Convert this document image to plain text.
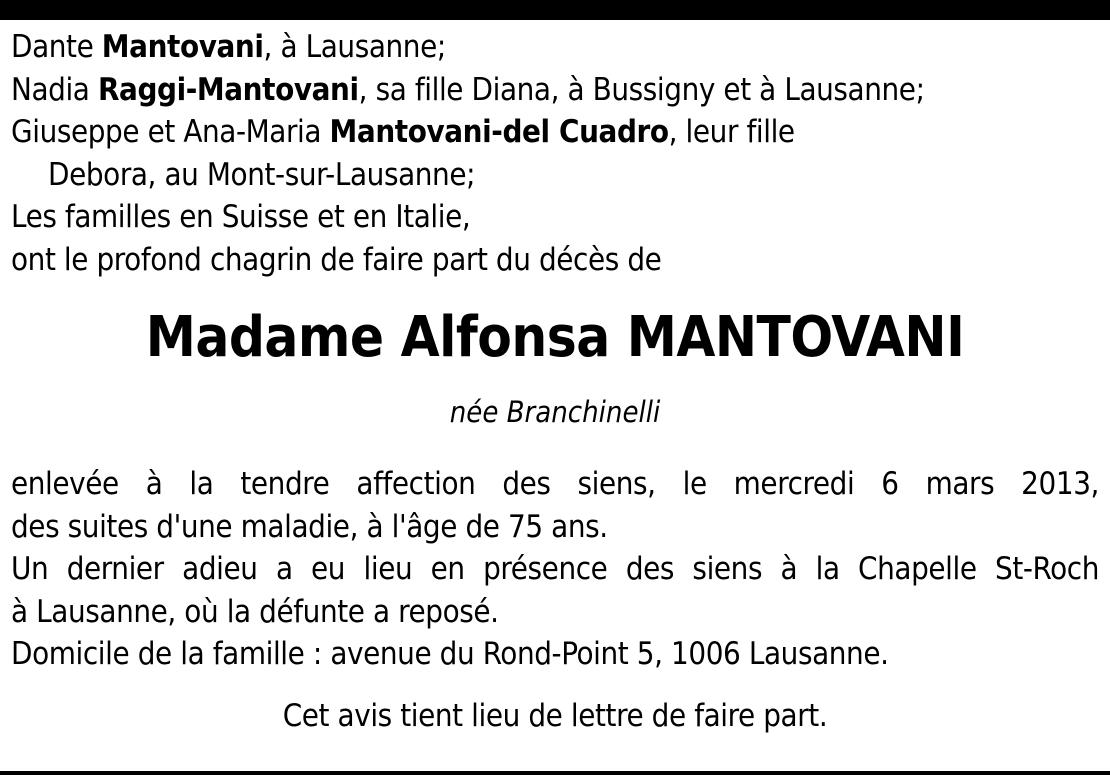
Dante Mantovani, à Lausanne;
Nadia Raggi-Mantovani, sa fille Diana, à Bussigny et à Lausanne;
Giuseppe et Ana-Maria Mantovani-del Cuadro, leur fille
Debora, au Mont-sur-Lausanne;
Les familles en Suisse et en Italie,
ont le profond chagrin de faire part du décès de
Madame Alfonsa MANTOVANI
née Branchinelli
enlevée à la tendre affection des siens, le mercredi 6 mars 2013,
des suites d'une maladie, à l'âge de 75 ans.
Un dernier adieu a eu lieu en présence des siens à la Chapelle St-Roch
à Lausanne, où la défunte a reposé.
Domicile de la famille : avenue du Rond-Point 5, 1006 Lausanne.
Cet avis tient lieu de lettre de faire part.
